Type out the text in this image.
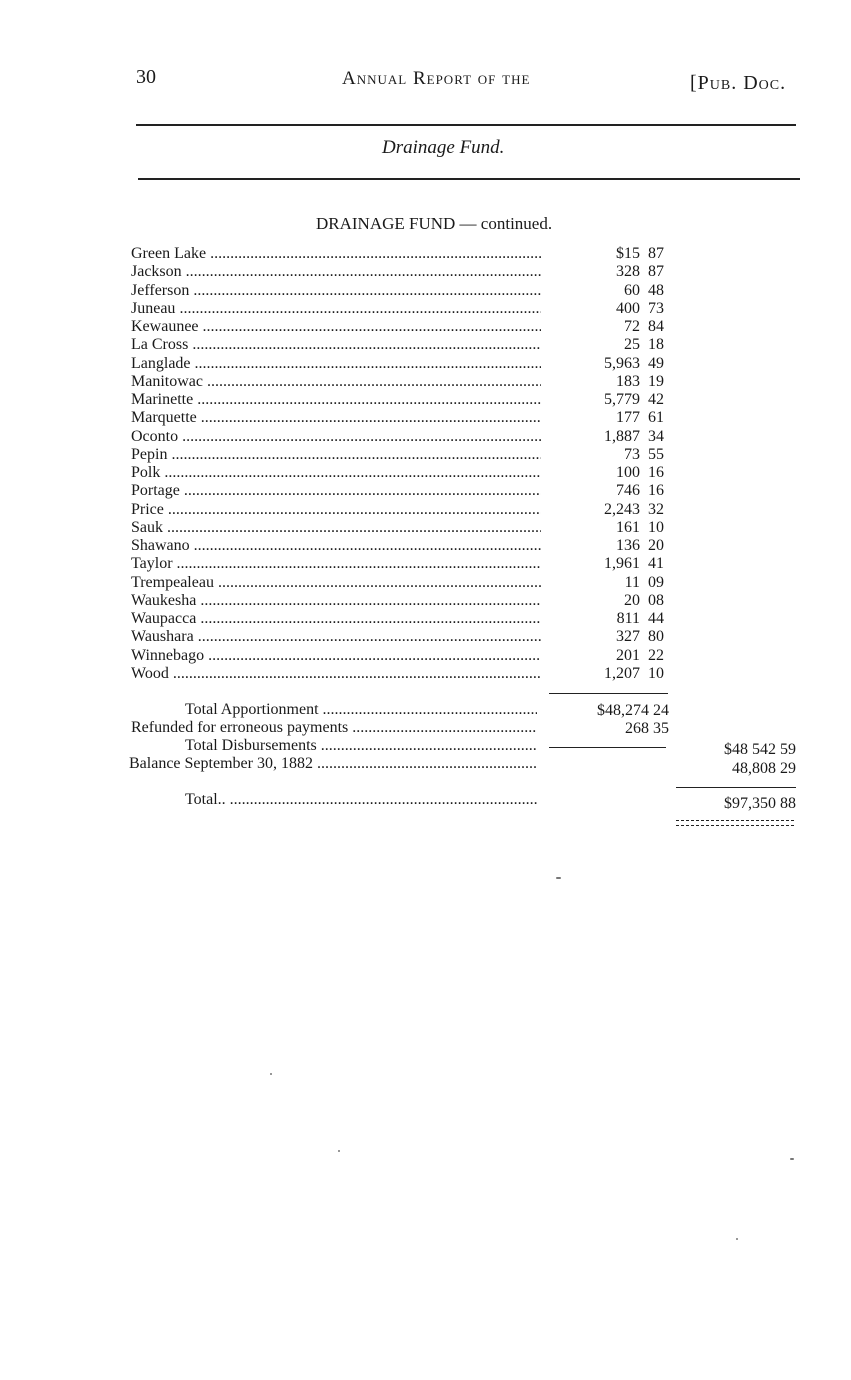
30	Annual Report of the	[Pub. Doc.
Drainage Fund.
DRAINAGE FUND — continued.
Green Lake .....	$15 87
Jackson .....	328 87
Jefferson .....	60 48
Juneau .....	400 73
Kewaunee .....	72 84
La Cross .....	25 18
Langlade .....	5,963 49
Manitowac .....	183 19
Marinette .....	5,779 42
Marquette .....	177 61
Oconto .....	1,887 34
Pepin .....	73 55
Polk .....	100 16
Portage .....	746 16
Price .....	2,243 32
Sauk .....	161 10
Shawano .....	136 20
Taylor .....	1,961 41
Trempealeau .....	11 09
Waukesha .....	20 08
Waupacca .....	811 44
Waushara .....	327 80
Winnebago .....	201 22
Wood .....	1,207 10
Total Apportionment .....	$48,274 24
Refunded for erroneous payments .....	268 35
Total Disbursements .....	$48 542 59
Balance September 30, 1882 .....	48,808 29
Total.. .....	$97,350 88
